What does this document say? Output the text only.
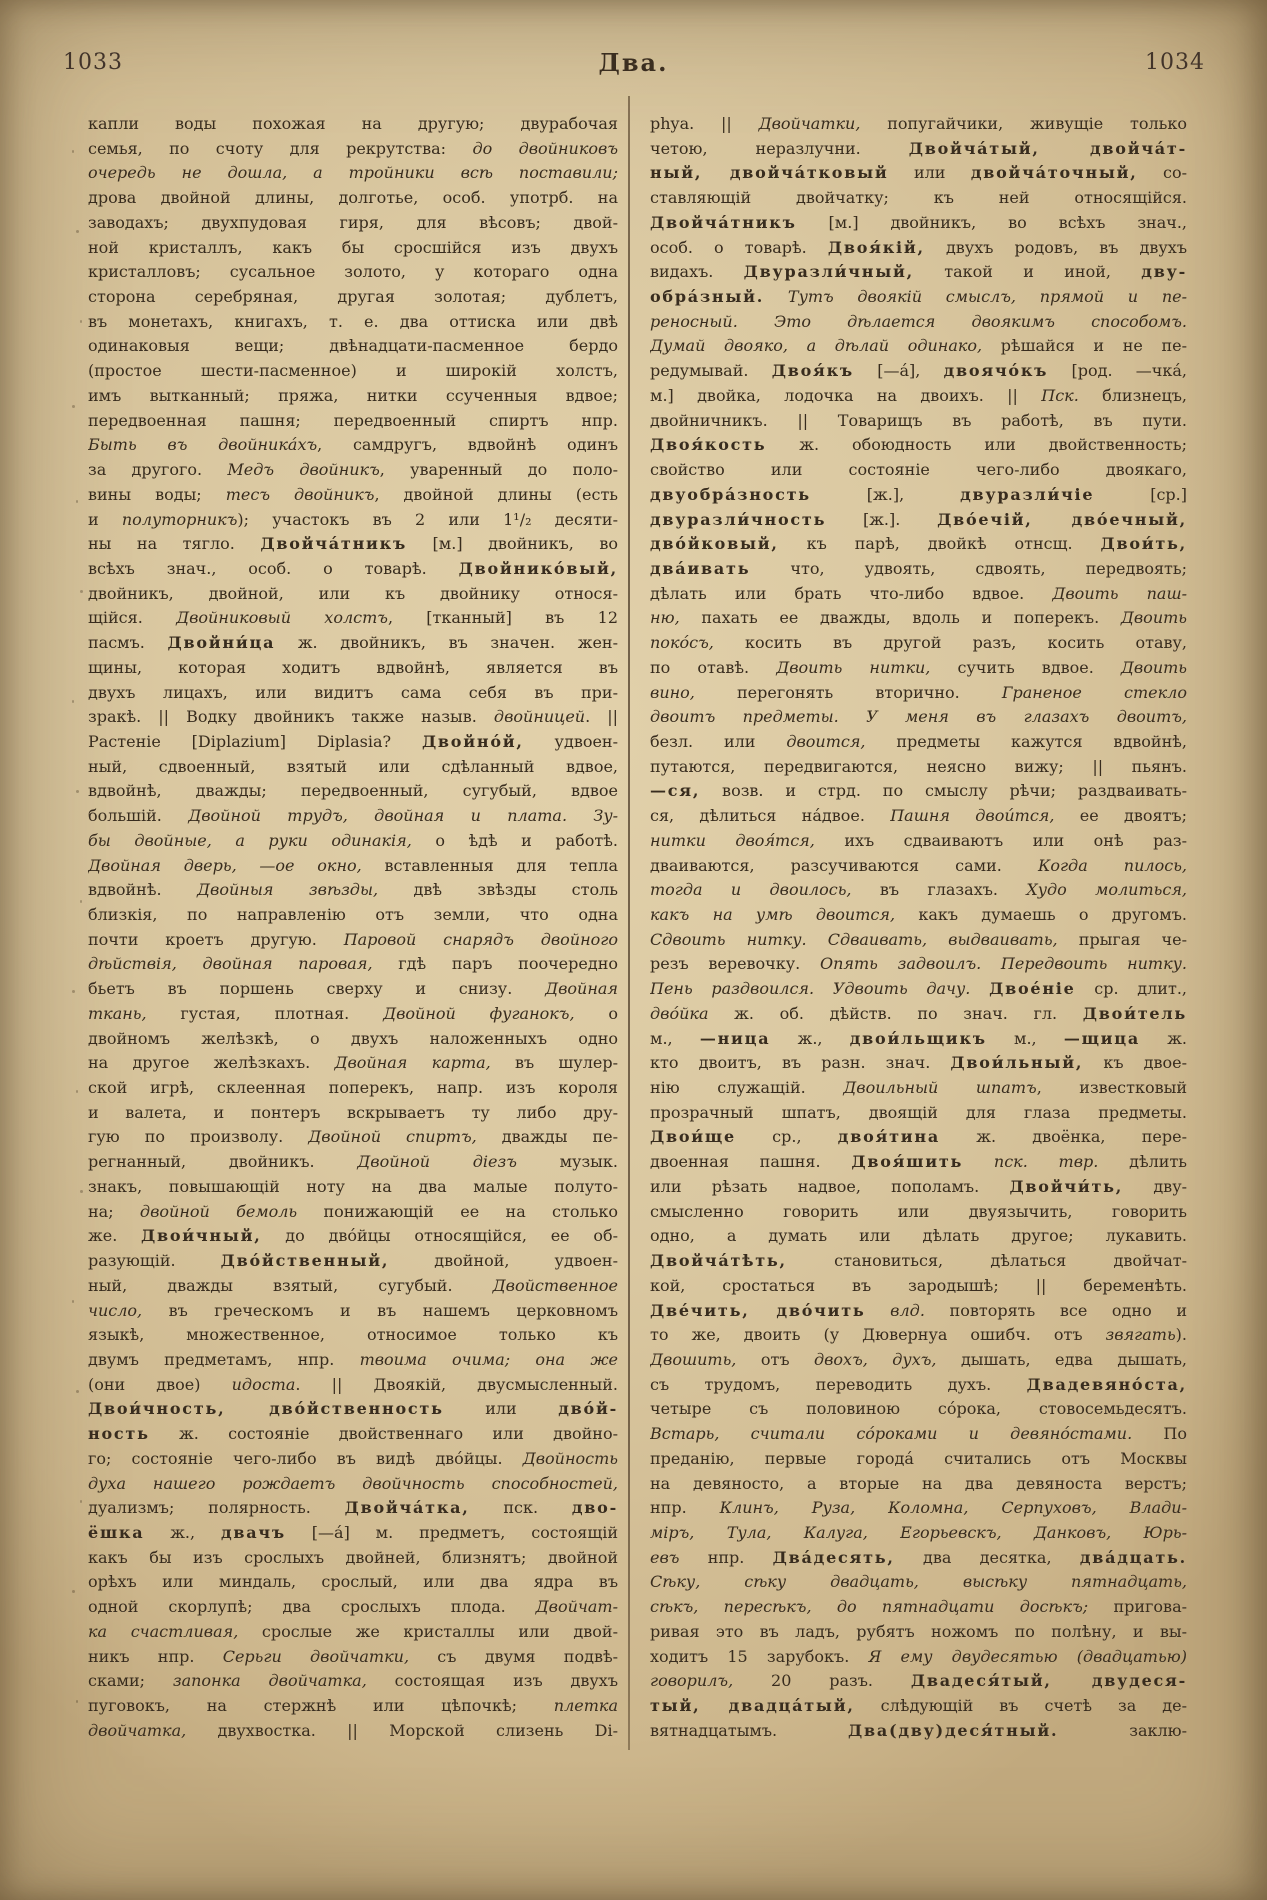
1033	Два.	1034
капли воды похожая на другую; двурабочая
семья, по счоту для рекрутства: до двойниковъ
очередь не дошла, а тройники всѣ поставили;
дрова двойной длины, долготье, особ. употрб. на
заводахъ; двухпудовая гиря, для вѣсовъ; двой-
ной кристаллъ, какъ бы сросшійся изъ двухъ
кристалловъ; сусальное золото, у котораго одна
сторона серебряная, другая золотая; дублетъ,
въ монетахъ, книгахъ, т. е. два оттиска или двѣ
одинаковыя вещи; двѣнадцати-пасменное бердо
(простое шести-пасменное) и широкій холстъ,
имъ вытканный; пряжа, нитки ссученныя вдвое;
передвоенная пашня; передвоенный спиртъ нпр.
Быть въ двойника́хъ, самдругъ, вдвойнѣ одинъ
за другого. Медъ двойникъ, уваренный до поло-
вины воды; тесъ двойникъ, двойной длины (есть
и полуторникъ); участокъ въ 2 или 1¹/₂ десяти-
ны на тягло. Двойча́тникъ [м.] двойникъ, во
всѣхъ знач., особ. о товарѣ. Двойнико́вый,
двойникъ, двойной, или къ двойнику относя-
щійся. Двойниковый холстъ, [тканный] въ 12
пасмъ. Двойни́ца ж. двойникъ, въ значен. жен-
щины, которая ходитъ вдвойнѣ, является въ
двухъ лицахъ, или видитъ сама себя въ при-
зракѣ. || Водку двойникъ также назыв. двойницей. ||
Растеніе [Diplazium] Diplasia? Двойно́й, удвоен-
ный, сдвоенный, взятый или сдѣланный вдвое,
вдвойнѣ, дважды; передвоенный, сугубый, вдвое
большій. Двойной трудъ, двойная и плата. Зу-
бы двойные, а руки одинакія, о ѣдѣ и работѣ.
Двойная дверь, —ое окно, вставленныя для тепла
вдвойнѣ. Двойныя звѣзды, двѣ звѣзды столь
близкія, по направленію отъ земли, что одна
почти кроетъ другую. Паровой снарядъ двойного
дѣйствія, двойная паровая, гдѣ паръ поочередно
бьетъ въ поршень сверху и снизу. Двойная
ткань, густая, плотная. Двойной фуганокъ, о
двойномъ желѣзкѣ, о двухъ наложенныхъ одно
на другое желѣзкахъ. Двойная карта, въ шулер-
ской игрѣ, склеенная поперекъ, напр. изъ короля
и валета, и понтеръ вскрываетъ ту либо дру-
гую по произволу. Двойной спиртъ, дважды пе-
регнанный, двойникъ. Двойной діезъ музык.
знакъ, повышающій ноту на два малые полуто-
на; двойной бемоль понижающій ее на столько
же. Двои́чный, до дво́йцы относящійся, ее об-
разующій. Дво́йственный, двойной, удвоен-
ный, дважды взятый, сугубый. Двойственное
число, въ греческомъ и въ нашемъ церковномъ
языкѣ, множественное, относимое только къ
двумъ предметамъ, нпр. твоима очима; она же
(они двое) идоста. || Двоякій, двусмысленный.
Двои́чность, дво́йственность или дво́й-
ность ж. состояніе двойственнаго или двойно-
го; состояніе чего-либо въ видѣ дво́йцы. Двойность
духа нашего рождаетъ двойчность способностей,
дуализмъ; полярность. Двойча́тка, пск. дво-
ёшка ж., двачъ [—а́] м. предметъ, состоящій
какъ бы изъ срослыхъ двойней, близнятъ; двойной
орѣхъ или миндаль, срослый, или два ядра въ
одной скорлупѣ; два срослыхъ плода. Двойчат-
ка счастливая, срослые же кристаллы или двой-
никъ нпр. Серьги двойчатки, съ двумя подвѣ-
сками; запонка двойчатка, состоящая изъ двухъ
пуговокъ, на стержнѣ или цѣпочкѣ; плетка
двойчатка, двухвостка. || Морской слизень Di-
phya. || Двойчатки, попугайчики, живущіе только
четою, неразлучни. Двойча́тый, двойча́т-
ный, двойча́тковый или двойча́точный, со-
ставляющій двойчатку; къ ней относящійся.
Двойча́тникъ [м.] двойникъ, во всѣхъ знач.,
особ. о товарѣ. Двоя́кій, двухъ родовъ, въ двухъ
видахъ. Двуразли́чный, такой и иной, дву-
обра́зный. Тутъ двоякій смыслъ, прямой и пе-
реносный. Это дѣлается двоякимъ способомъ.
Думай двояко, а дѣлай одинако, рѣшайся и не пе-
редумывай. Двоя́къ [—а́], двоячо́къ [род. —чка́,
м.] двойка, лодочка на двоихъ. || Пск. близнецъ,
двойничникъ. || Товарищъ въ работѣ, въ пути.
Двоя́кость ж. обоюдность или двойственность;
свойство или состояніе чего-либо двоякаго,
двуобра́зность [ж.], двуразли́чіе [ср.]
двуразли́чность [ж.]. Дво́ечій, дво́ечный,
дво́йковый, къ парѣ, двойкѣ отнсщ. Двои́ть,
два́ивать что, удвоять, сдвоять, передвоять;
дѣлать или брать что-либо вдвое. Двоить паш-
ню, пахать ее дважды, вдоль и поперекъ. Двоить
поко́съ, косить въ другой разъ, косить отаву,
по отавѣ. Двоить нитки, сучить вдвое. Двоить
вино, перегонять вторично. Граненое стекло
двоитъ предметы. У меня въ глазахъ двоитъ,
безл. или двоится, предметы кажутся вдвойнѣ,
путаются, передвигаются, неясно вижу; || пьянъ.
—ся, возв. и стрд. по смыслу рѣчи; раздваивать-
ся, дѣлиться на́двое. Пашня двои́тся, ее двоятъ;
нитки двоя́тся, ихъ сдваиваютъ или онѣ раз-
дваиваются, разсучиваются сами. Когда пилось,
тогда и двоилось, въ глазахъ. Худо молиться,
какъ на умѣ двоится, какъ думаешь о другомъ.
Сдвоить нитку. Сдваивать, выдваивать, прыгая че-
резъ веревочку. Опять задвоилъ. Передвоить нитку.
Пень раздвоился. Удвоить дачу. Двое́ніе ср. длит.,
дво́йка ж. об. дѣйств. по знач. гл. Двои́тель
м., —ница ж., двои́льщикъ м., —щица ж.
кто двоитъ, въ разн. знач. Двои́льный, къ двое-
нію служащій. Двоильный шпатъ, известковый
прозрачный шпатъ, двоящій для глаза предметы.
Двои́ще ср., двоя́тина ж. двоёнка, пере-
двоенная пашня. Двоя́шить пск. твр. дѣлить
или рѣзать надвое, пополамъ. Двойчи́ть, дву-
смысленно говорить или двуязычить, говорить
одно, а думать или дѣлать другое; лукавить.
Двойча́тѣть, становиться, дѣлаться двойчат-
кой, сростаться въ зародышѣ; || беременѣть.
Две́чить, дво́чить влд. повторять все одно и
то же, двоить (у Дювернуа ошибч. отъ звягать).
Двошить, отъ двохъ, духъ, дышать, едва дышать,
съ трудомъ, переводить духъ. Двадевяно́ста,
четыре съ половиною со́рока, стовосемьдесятъ.
Встарь, считали со́роками и девяно́стами. По
преданію, первые города́ считались отъ Москвы
на девяносто, а вторые на два девяноста верстъ;
нпр. Клинъ, Руза, Коломна, Серпуховъ, Влади-
міръ, Тула, Калуга, Егорьевскъ, Данковъ, Юрь-
евъ нпр. Два́десять, два десятка, два́дцать.
Сѣку, сѣку двадцать, высѣку пятнадцать,
сѣкъ, пересѣкъ, до пятнадцати досѣкъ; пригова-
ривая это въ ладъ, рубятъ ножомъ по полѣну, и вы-
ходитъ 15 зарубокъ. Я ему двудесятью (двадцатью)
говорилъ, 20 разъ. Двадеся́тый, двудеся-
тый, двадца́тый, слѣдующій въ счетѣ за де-
вятнадцатымъ. Два(дву)деся́тный. заклю-
